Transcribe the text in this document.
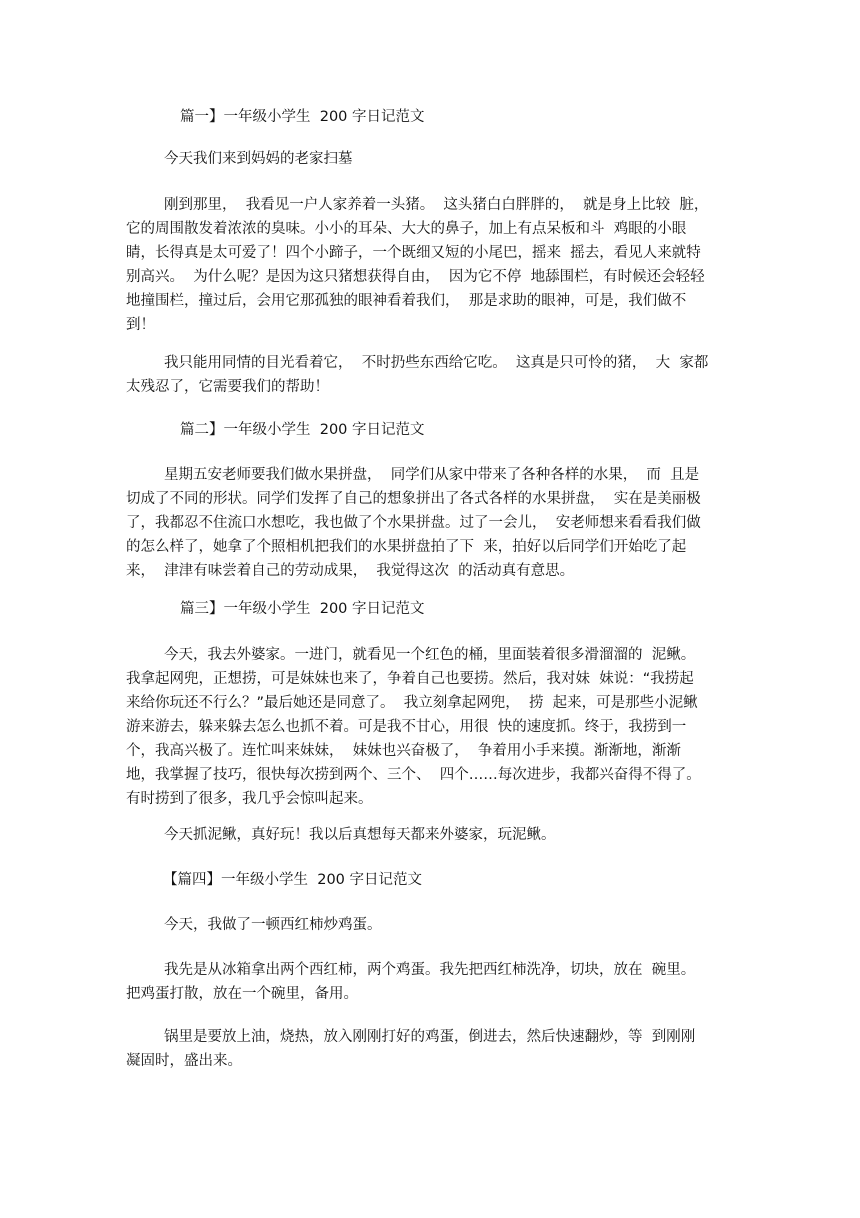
篇一】一年级小学生  200 字日记范文

今天我们来到妈妈的老家扫墓

刚到那里，  我看见一户人家养着一头猪。  这头猪白白胖胖的，  就是身上比较  脏，
它的周围散发着浓浓的臭味。小小的耳朵、大大的鼻子，加上有点呆板和斗  鸡眼的小眼
睛，长得真是太可爱了！四个小蹄子，一个既细又短的小尾巴，摇来  摇去，看见人来就特
别高兴。  为什么呢？是因为这只猪想获得自由，  因为它不停  地舔围栏，有时候还会轻轻
地撞围栏，撞过后，会用它那孤独的眼神看着我们，  那是求助的眼神，可是，我们做不
到！

我只能用同情的目光看着它，  不时扔些东西给它吃。  这真是只可怜的猪，  大  家都
太残忍了，它需要我们的帮助！

篇二】一年级小学生  200 字日记范文

星期五安老师要我们做水果拼盘，  同学们从家中带来了各种各样的水果，  而  且是
切成了不同的形状。同学们发挥了自己的想象拼出了各式各样的水果拼盘，  实在是美丽极
了，我都忍不住流口水想吃，我也做了个水果拼盘。过了一会儿，  安老师想来看看我们做
的怎么样了，她拿了个照相机把我们的水果拼盘拍了下  来，拍好以后同学们开始吃了起
来，  津津有味尝着自己的劳动成果，  我觉得这次  的活动真有意思。

篇三】一年级小学生  200 字日记范文

今天，我去外婆家。一进门，就看见一个红色的桶，里面装着很多滑溜溜的  泥鳅。
我拿起网兜，正想捞，可是妹妹也来了，争着自己也要捞。然后，我对妹  妹说：“我捞起
来给你玩还不行么？”最后她还是同意了。  我立刻拿起网兜，  捞  起来，可是那些小泥鳅
游来游去，躲来躲去怎么也抓不着。可是我不甘心，用很  快的速度抓。终于，我捞到一
个，我高兴极了。连忙叫来妹妹，  妹妹也兴奋极了，  争着用小手来摸。渐渐地，渐渐
地，我掌握了技巧，很快每次捞到两个、三个、  四个……每次进步，我都兴奋得不得了。
有时捞到了很多，我几乎会惊叫起来。

今天抓泥鳅，真好玩！我以后真想每天都来外婆家，玩泥鳅。

【篇四】一年级小学生  200 字日记范文

今天，我做了一顿西红柿炒鸡蛋。

我先是从冰箱拿出两个西红柿，两个鸡蛋。我先把西红柿洗净，切块，放在  碗里。
把鸡蛋打散，放在一个碗里，备用。

锅里是要放上油，烧热，放入刚刚打好的鸡蛋，倒进去，然后快速翻炒，等  到刚刚
凝固时，盛出来。
